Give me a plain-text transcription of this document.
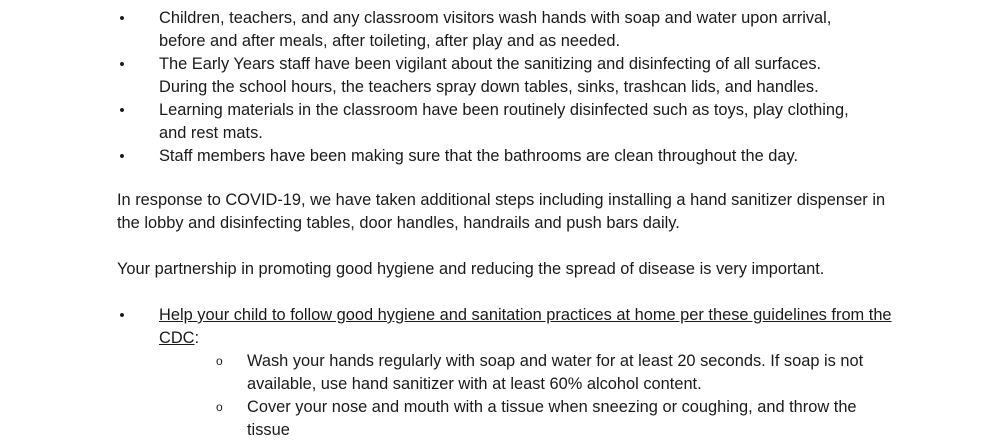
• Children, teachers, and any classroom visitors wash hands with soap and water upon arrival, before and after meals, after toileting, after play and as needed.
• The Early Years staff have been vigilant about the sanitizing and disinfecting of all surfaces. During the school hours, the teachers spray down tables, sinks, trashcan lids, and handles.
• Learning materials in the classroom have been routinely disinfected such as toys, play clothing, and rest mats.
• Staff members have been making sure that the bathrooms are clean throughout the day.

In response to COVID-19, we have taken additional steps including installing a hand sanitizer dispenser in the lobby and disinfecting tables, door handles, handrails and push bars daily.

Your partnership in promoting good hygiene and reducing the spread of disease is very important.

• Help your child to follow good hygiene and sanitation practices at home per these guidelines from the CDC:
o Wash your hands regularly with soap and water for at least 20 seconds. If soap is not available, use hand sanitizer with at least 60% alcohol content.
o Cover your nose and mouth with a tissue when sneezing or coughing, and throw the tissue
